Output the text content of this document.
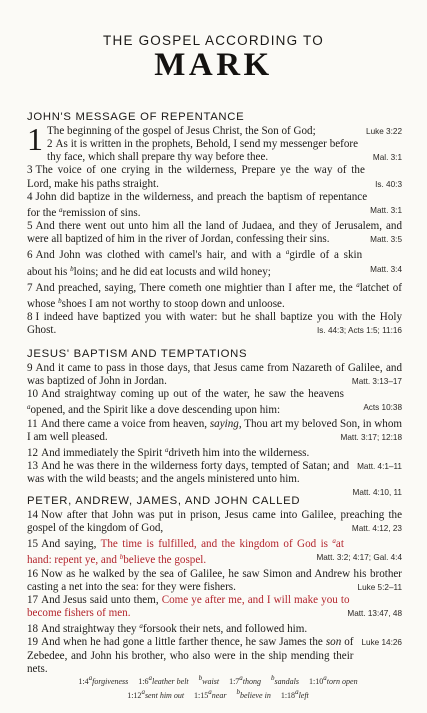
THE GOSPEL ACCORDING TO
MARK
JOHN'S MESSAGE OF REPENTANCE
1	Luke 3:22
The beginning of the gospel of Jesus Christ, the Son of God;
2 As it is written in the prophets, Behold, I send my messenger before thy face, which shall prepare thy way before thee.	Mal. 3:1
3 The voice of one crying in the wilderness, Prepare ye the way of the Lord, make his paths straight.	Is. 40:3
4 John did baptize in the wilderness, and preach the baptism of repentance for the $^a$remission of sins.	Matt. 3:1
5 And there went out unto him all the land of Judaea, and they of Jerusalem, and were all baptized of him in the river of Jordan, confessing their sins.	Matt. 3:5
6 And John was clothed with camel's hair, and with a $^a$girdle of a skin about his $^b$loins; and he did eat locusts and wild honey;	Matt. 3:4
7 And preached, saying, There cometh one mightier than I after me, the $^a$latchet of whose $^b$shoes I am not worthy to stoop down and unloose.
8 I indeed have baptized you with water: but he shall baptize you with the Holy Ghost.	Is. 44:3; Acts 1:5; 11:16
JESUS' BAPTISM AND TEMPTATIONS
9 And it came to pass in those days, that Jesus came from Nazareth of Galilee, and was baptized of John in Jordan.	Matt. 3:13–17
10 And straightway coming up out of the water, he saw the heavens $^a$opened, and the Spirit like a dove descending upon him:	Acts 10:38
11 And there came a voice from heaven, saying, Thou art my beloved Son, in whom I am well pleased.	Matt. 3:17; 12:18
12 And immediately the Spirit $^a$driveth him into the wilderness.
Matt. 4:1–11
13 And he was there in the wilderness forty days, tempted of Satan; and was with the wild beasts; and the angels ministered unto him.
Matt. 4:10, 11
PETER, ANDREW, JAMES, AND JOHN CALLED
14 Now after that John was put in prison, Jesus came into Galilee, preaching the gospel of the kingdom of God,	Matt. 4:12, 23
15 And saying, The time is fulfilled, and the kingdom of God is $^a$at hand: repent ye, and $^b$believe the gospel.	Matt. 3:2; 4:17; Gal. 4:4
16 Now as he walked by the sea of Galilee, he saw Simon and Andrew his brother casting a net into the sea: for they were fishers.	Luke 5:2–11
17 And Jesus said unto them, Come ye after me, and I will make you to become fishers of men.	Matt. 13:47, 48
18 And straightway they $^a$forsook their nets, and followed him.
Luke 14:26
19 And when he had gone a little farther thence, he saw James the son of Zebedee, and John his brother, who also were in the ship mending their nets.
1:4aforgiveness 1:6aleather belt bwaist 1:7athong bsandals 1:10atorn open
1:12asent him out 1:15anear bbelieve in 1:18aleft
